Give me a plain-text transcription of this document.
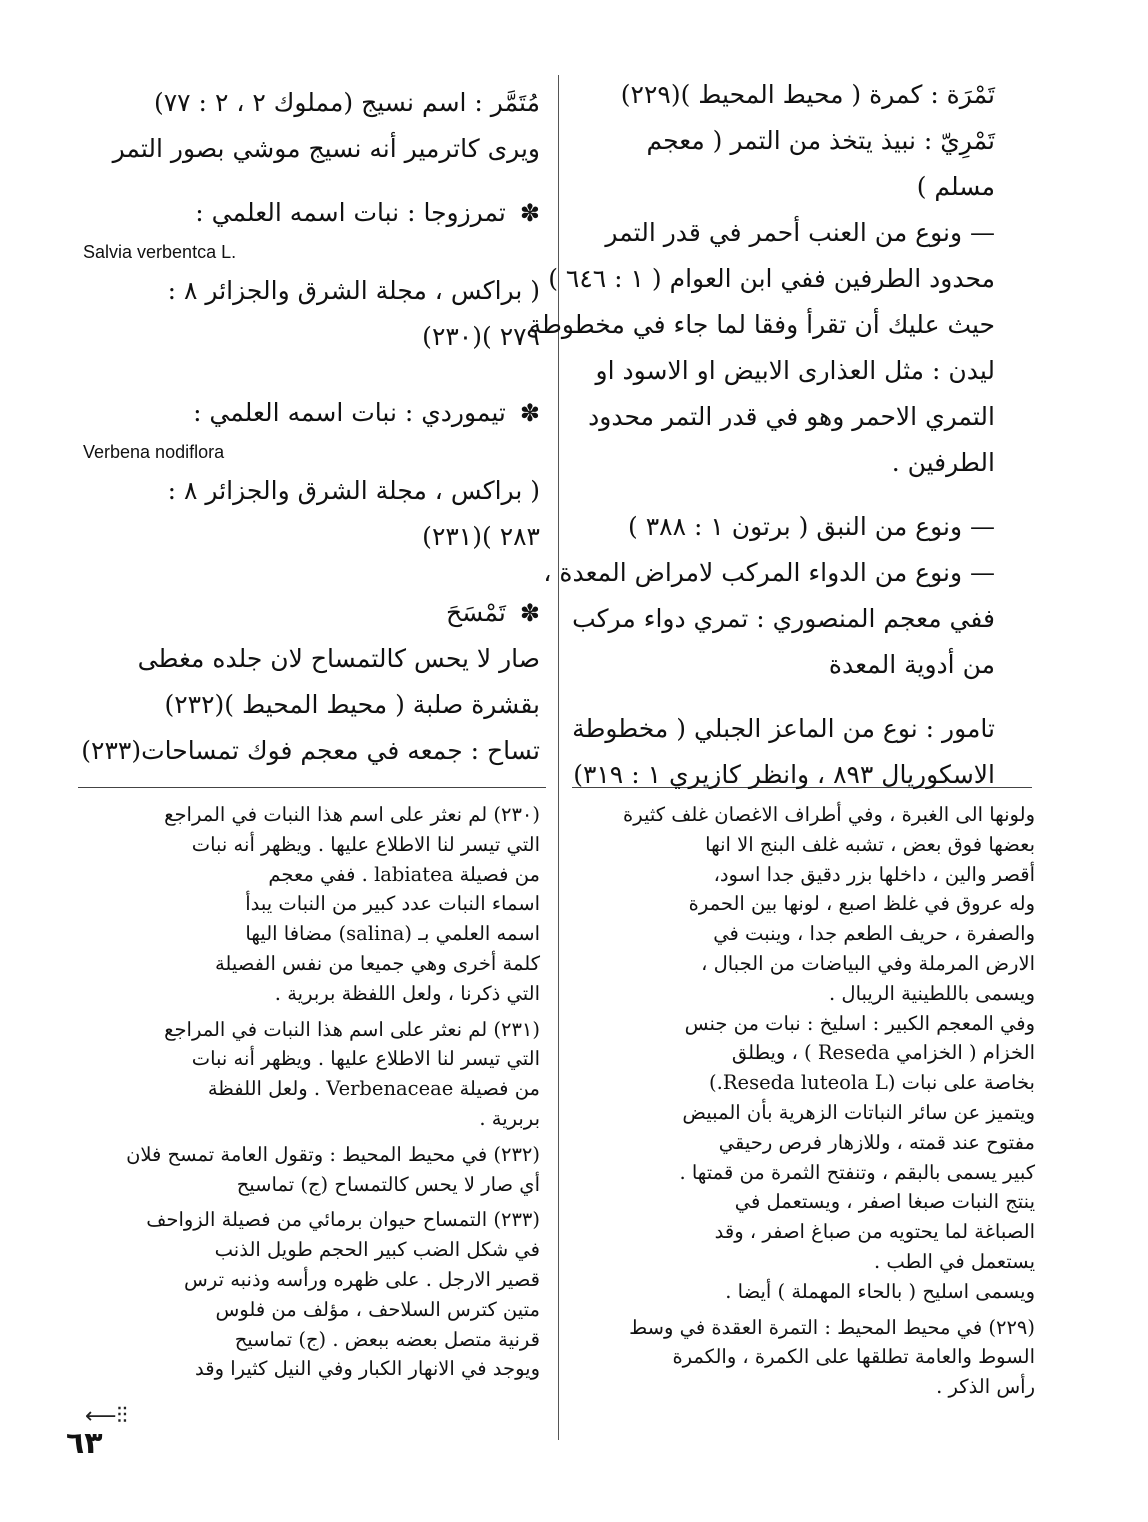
تَمْرَة : كمرة ( محيط المحيط )(٢٢٩)

تَمْرِيّ : نبيذ يتخذ من التمر ( معجم

مسلم )

— ونوع من العنب أحمر في قدر التمر

محدود الطرفين ففي ابن العوام ( ١ : ٦٤٦ )

حيث عليك أن تقرأ وفقا لما جاء في مخطوطة

ليدن : مثل العذارى الابيض او الاسود او

التمري الاحمر وهو في قدر التمر محدود

الطرفين .

— ونوع من النبق ( برتون ١ : ٣٨٨ )

— ونوع من الدواء المركب لامراض المعدة ،

ففي معجم المنصوري : تمري دواء مركب

من أدوية المعدة

تامور : نوع من الماعز الجبلي ( مخطوطة

الاسكوريال ٨٩٣ ، وانظر كازيري ١ : ٣١٩)

مُتَمَّر : اسم نسيج (مملوك ٢ ، ٢ : ٧٧)

ويرى كاترمير أنه نسيج موشي بصور التمر

✽تمرزوجا : نبات اسمه العلمي :

Salvia verbentca L.

( براكس ، مجلة الشرق والجزائر ٨ :

٢٧٩ )(٢٣٠)

✽تيموردي : نبات اسمه العلمي :

Verbena nodiflora

( براكس ، مجلة الشرق والجزائر ٨ :

٢٨٣ )(٢٣١)

✽تَمْسَحَ

صار لا يحس كالتمساح لان جلده مغطى

بقشرة صلبة ( محيط المحيط )(٢٣٢)

تساح : جمعه في معجم فوك تمساحات(٢٣٣)

ولونها الى الغبرة ، وفي أطراف الاغصان غلف كثيرة
بعضها فوق بعض ، تشبه غلف البنج الا انها
أقصر والين ، داخلها بزر دقيق جدا اسود،
وله عروق في غلظ اصبع ، لونها بين الحمرة
والصفرة ، حريف الطعم جدا ، وينبت في
الارض المرملة وفي البياضات من الجبال ،
ويسمى باللطينية الريبال .
وفي المعجم الكبير : اسليخ : نبات من جنس
الخزام ( الخزامي Reseda ) ، ويطلق
بخاصة على نبات (Reseda luteola L.)
ويتميز عن سائر النباتات الزهرية بأن المبيض
مفتوح عند قمته ، وللازهار فرص رحيقي
كبير يسمى بالبقم ، وتنفتح الثمرة من قمتها .
ينتج النبات صبغا اصفر ، ويستعمل في
الصباغة لما يحتويه من صباغ اصفر ، وقد
يستعمل في الطب .
ويسمى اسليح ( بالحاء المهملة ) أيضا .
(٢٢٩) في محيط المحيط : التمرة العقدة في وسط
السوط والعامة تطلقها على الكمرة ، والكمرة
رأس الذكر .
(٢٣٠) لم نعثر على اسم هذا النبات في المراجع
التي تيسر لنا الاطلاع عليها . ويظهر أنه نبات
من فصيلة labiatea . ففي معجم
اسماء النبات عدد كبير من النبات يبدأ
اسمه العلمي بـ (salina) مضافا اليها
كلمة أخرى وهي جميعا من نفس الفصيلة
التي ذكرنا ، ولعل اللفظة بربرية .
(٢٣١) لم نعثر على اسم هذا النبات في المراجع
التي تيسر لنا الاطلاع عليها . ويظهر أنه نبات
من فصيلة Verbenaceae . ولعل اللفظة
بربرية .
(٢٣٢) في محيط المحيط : وتقول العامة تمسح فلان
أي صار لا يحس كالتمساح (ج) تماسيح
(٢٣٣) التمساح حيوان برمائي من فصيلة الزواحف
في شكل الضب كبير الحجم طويل الذنب
قصير الارجل . على ظهره ورأسه وذنبه ترس
متين كترس السلاحف ، مؤلف من فلوس
قرنية متصل بعضه ببعض . (ج) تماسيح
ويوجد في الانهار الكبار وفي النيل كثيرا وقد
⟵⫶⫶
٦٣
